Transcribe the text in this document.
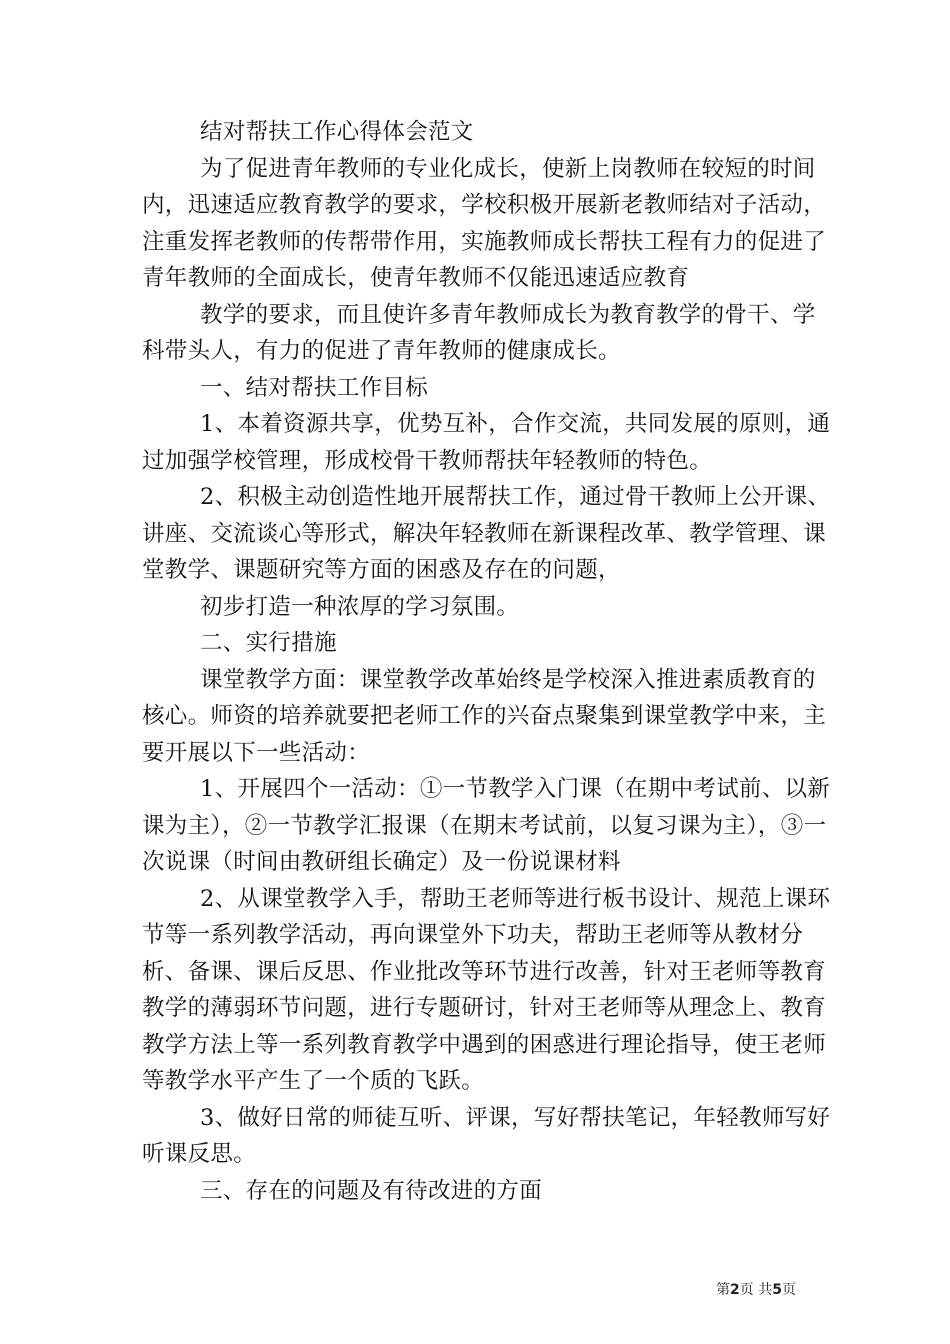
结对帮扶工作心得体会范文

为了促进青年教师的专业化成长，使新上岗教师在较短的时间内，迅速适应教育教学的要求，学校积极开展新老教师结对子活动，注重发挥老教师的传帮带作用，实施教师成长帮扶工程有力的促进了青年教师的全面成长，使青年教师不仅能迅速适应教育

教学的要求，而且使许多青年教师成长为教育教学的骨干、学科带头人，有力的促进了青年教师的健康成长。

一、结对帮扶工作目标

1、本着资源共享，优势互补，合作交流，共同发展的原则，通过加强学校管理，形成校骨干教师帮扶年轻教师的特色。

2、积极主动创造性地开展帮扶工作，通过骨干教师上公开课、讲座、交流谈心等形式，解决年轻教师在新课程改革、教学管理、课堂教学、课题研究等方面的困惑及存在的问题，

初步打造一种浓厚的学习氛围。

二、实行措施

课堂教学方面：课堂教学改革始终是学校深入推进素质教育的核心。师资的培养就要把老师工作的兴奋点聚集到课堂教学中来，主要开展以下一些活动：

1、开展四个一活动：①一节教学入门课（在期中考试前、以新课为主），②一节教学汇报课（在期末考试前，以复习课为主），③一次说课（时间由教研组长确定）及一份说课材料

2、从课堂教学入手，帮助王老师等进行板书设计、规范上课环节等一系列教学活动，再向课堂外下功夫，帮助王老师等从教材分析、备课、课后反思、作业批改等环节进行改善，针对王老师等教育教学的薄弱环节问题，进行专题研讨，针对王老师等从理念上、教育教学方法上等一系列教育教学中遇到的困惑进行理论指导，使王老师等教学水平产生了一个质的飞跃。

3、做好日常的师徒互听、评课，写好帮扶笔记，年轻教师写好听课反思。

三、存在的问题及有待改进的方面

第2页 共5页
